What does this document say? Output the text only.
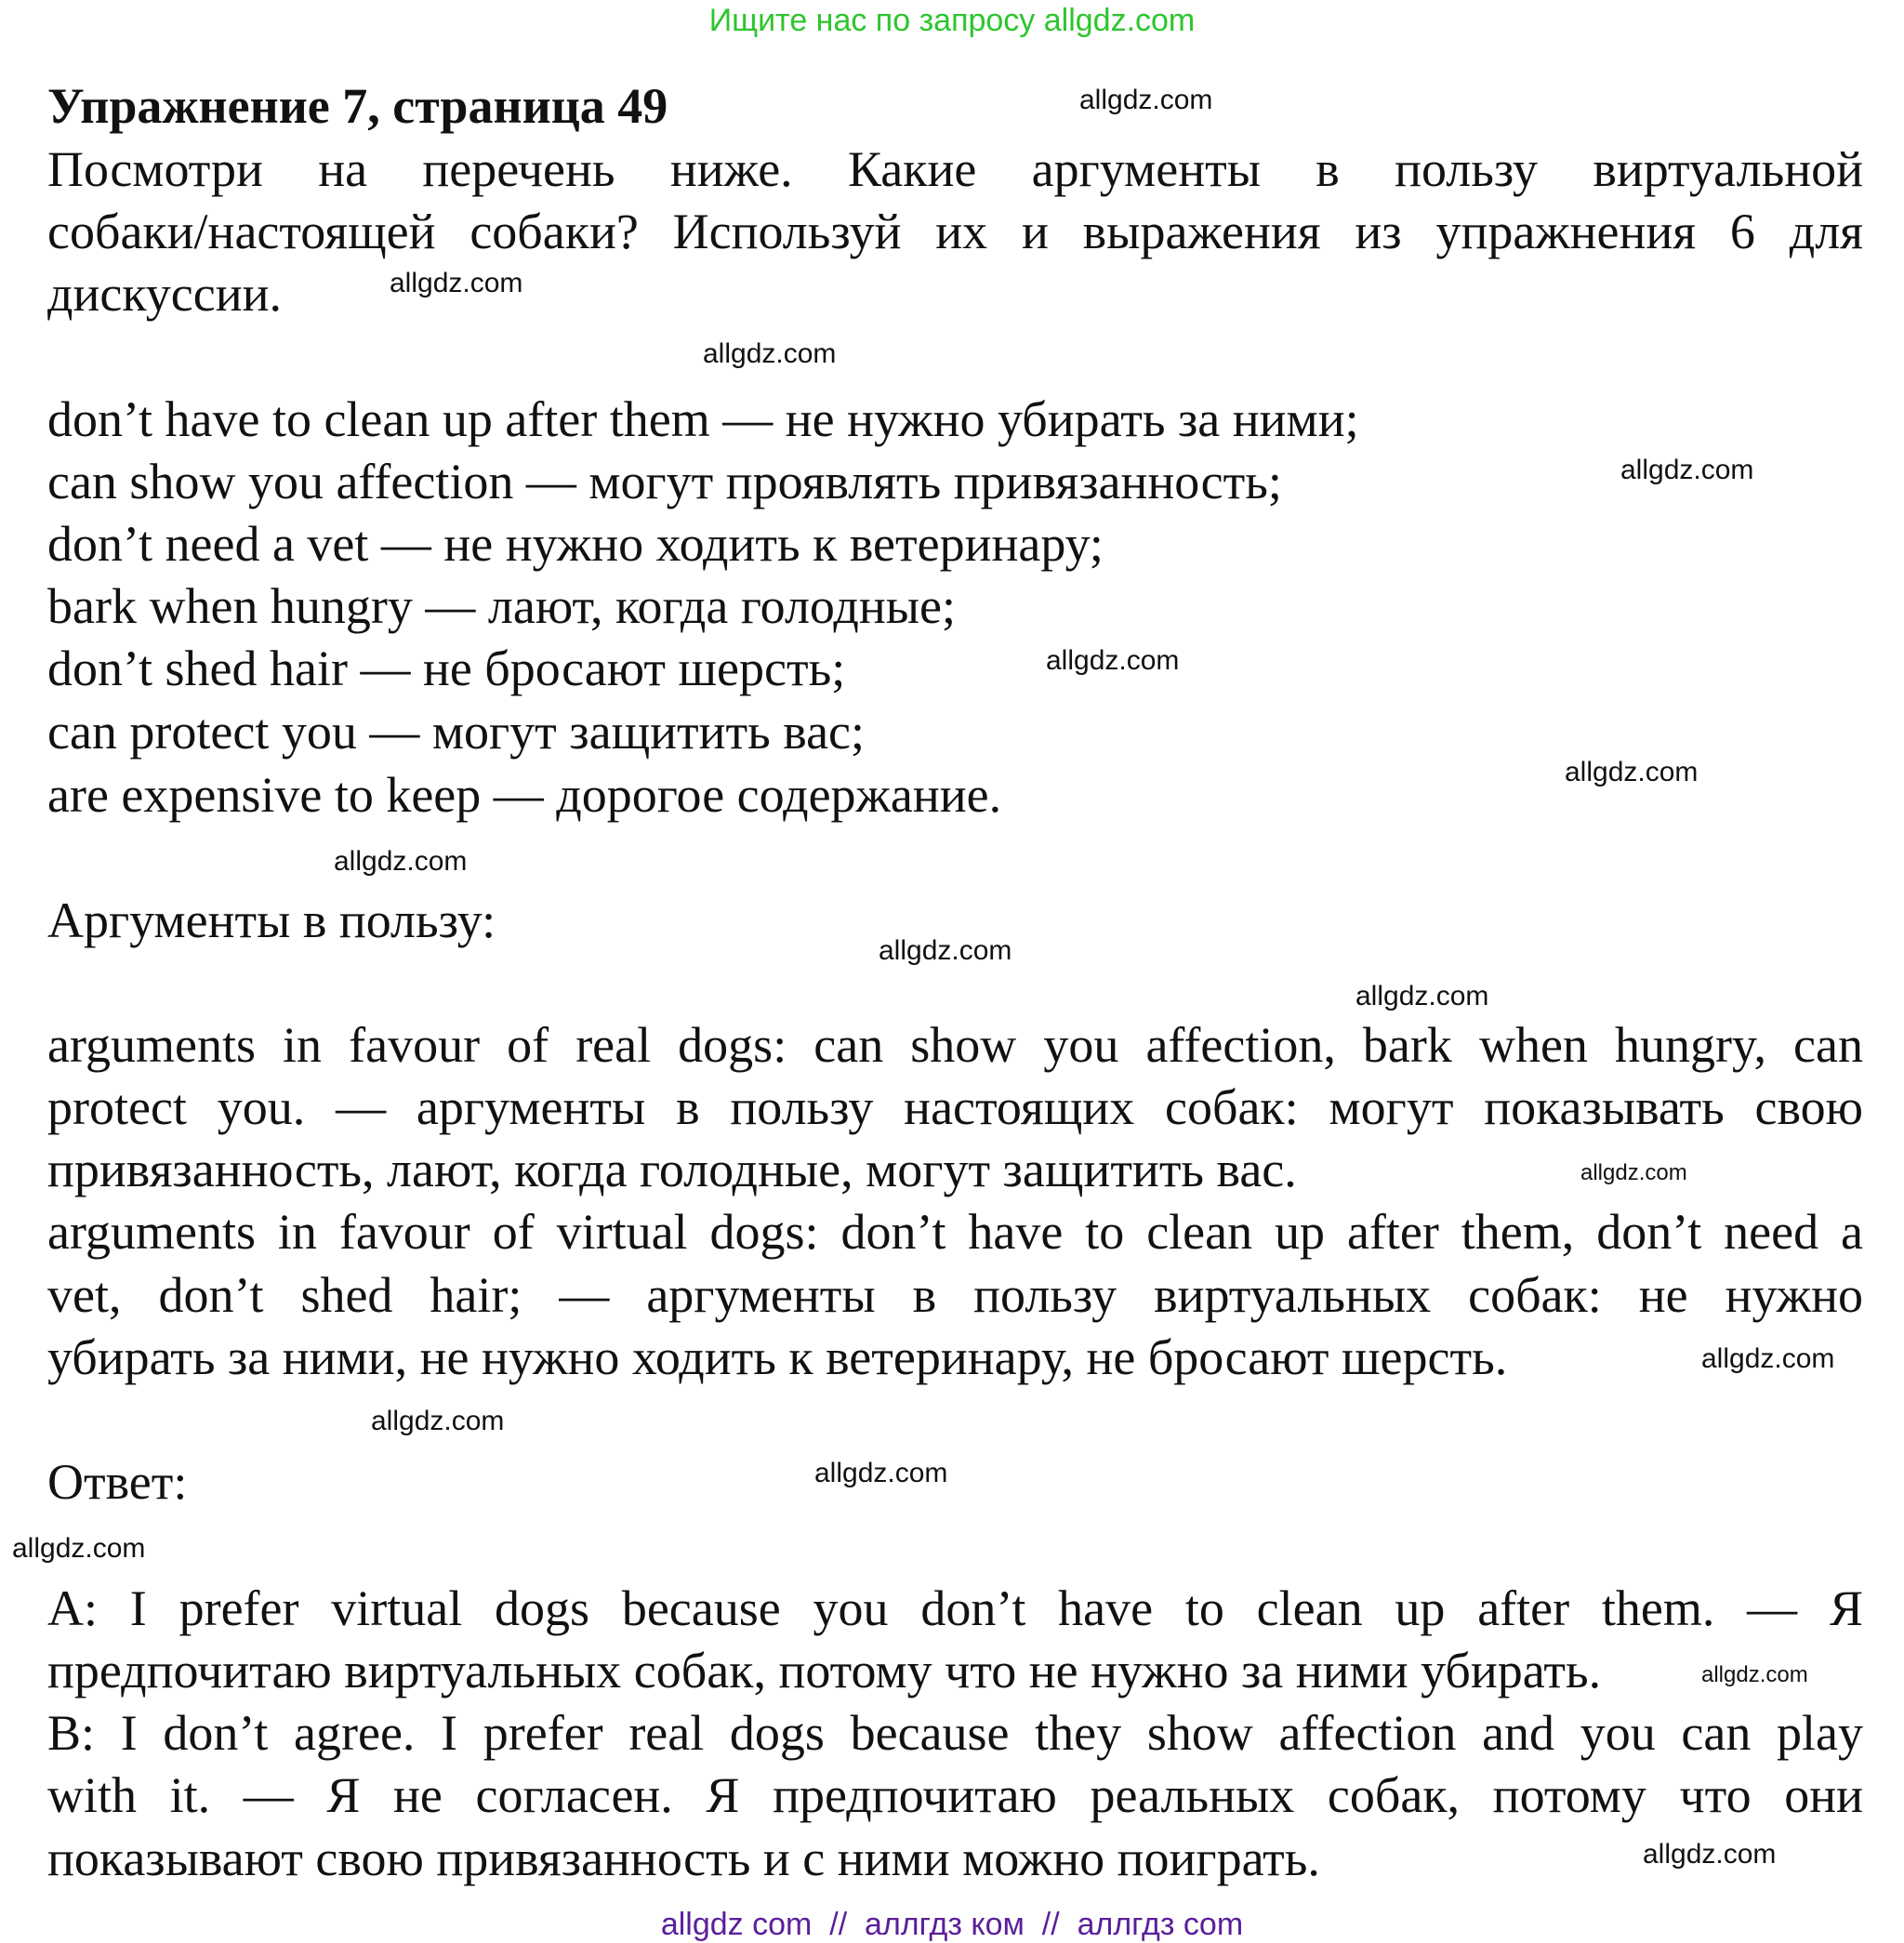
Ищите нас по запросу allgdz.com
Упражнение 7, страница 49
Посмотри на перечень ниже. Какие аргументы в пользу виртуальной
собаки/настоящей собаки? Используй их и выражения из упражнения 6 для
дискуссии.
don’t have to clean up after them — не нужно убирать за ними;
can show you affection — могут проявлять привязанность;
don’t need a vet — не нужно ходить к ветеринару;
bark when hungry — лают, когда голодные;
don’t shed hair — не бросают шерсть;
can protect you — могут защитить вас;
are expensive to keep — дорогое содержание.
Аргументы в пользу:
arguments in favour of real dogs: can show you affection, bark when hungry, can
protect you. — аргументы в пользу настоящих собак: могут показывать свою
привязанность, лают, когда голодные, могут защитить вас.
arguments in favour of virtual dogs: don’t have to clean up after them, don’t need a
vet, don’t shed hair; — аргументы в пользу виртуальных собак: не нужно
убирать за ними, не нужно ходить к ветеринару, не бросают шерсть.
Ответ:
A: I prefer virtual dogs because you don’t have to clean up after them. — Я
предпочитаю виртуальных собак, потому что не нужно за ними убирать.
B: I don’t agree. I prefer real dogs because they show affection and you can play
with it. — Я не согласен. Я предпочитаю реальных собак, потому что они
показывают свою привязанность и с ними можно поиграть.
allgdz.com
allgdz.com
allgdz.com
allgdz.com
allgdz.com
allgdz.com
allgdz.com
allgdz.com
allgdz.com
allgdz.com
allgdz.com
allgdz.com
allgdz.com
allgdz.com
allgdz.com
allgdz.com
allgdz com  //  аллгдз ком  //  аллгдз com
